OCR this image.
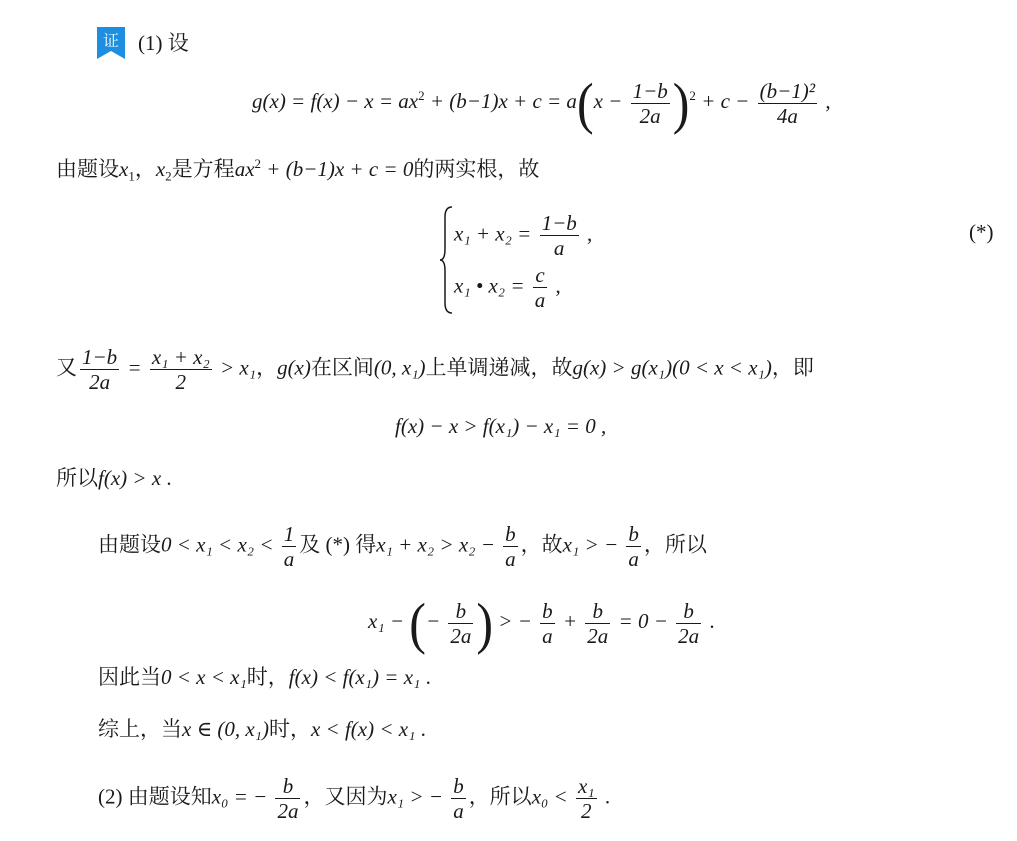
证 (1) 设
$g(x) = f(x) - x = ax^2 + (b-1)x + c = a(x - \frac{1-b}{2a} )^2 + c - \frac{\text{(b−1)²}}{4a}$ ,
由题设$x_1$，$x_2$是方程$ax^2 + (b-1)x + c = 0$的两实根，故
$x_1 + x_2 = \frac{1-b}{a}$ ,
x₁ • $x_2 = \frac{c}{a}$ ,
(*)
又 $\frac{1-b}{2a} = \frac{\text{x₁ + x₂}}{2} > x_1$，g(x)在区间(0, x₁)上单调递减，故g(x) > g(x₁)(0 < x < x₁)，即
f(x) − x > f(x₁) − x₁ = 0 ,
所以f(x) > x .
由题设$0 < x_1 < x_2 < \frac{1}{a}$ 及 (*) 得$x_1 + x_2 > x_2 - \frac{b}{a}$ ，故x₁ > − $\frac{b}{a}$ ，所以
x₁ − (− $\frac{b}{2a}$ ) > − $\frac{b}{a} + \frac{b}{2a} = 0 - \frac{b}{2a}$ .
因此当0 < x < x₁时，f(x) < f(x₁) = x₁ .
综上，当x ∈ (0, x₁)时，x < f(x) < x₁ .
(2) 由题设知x₀ = − $\frac{b}{2a}$ ，又因为x₁ > − $\frac{b}{a}$ ，所以$x_0 < \frac{\text{x₁}}{2}$ .
